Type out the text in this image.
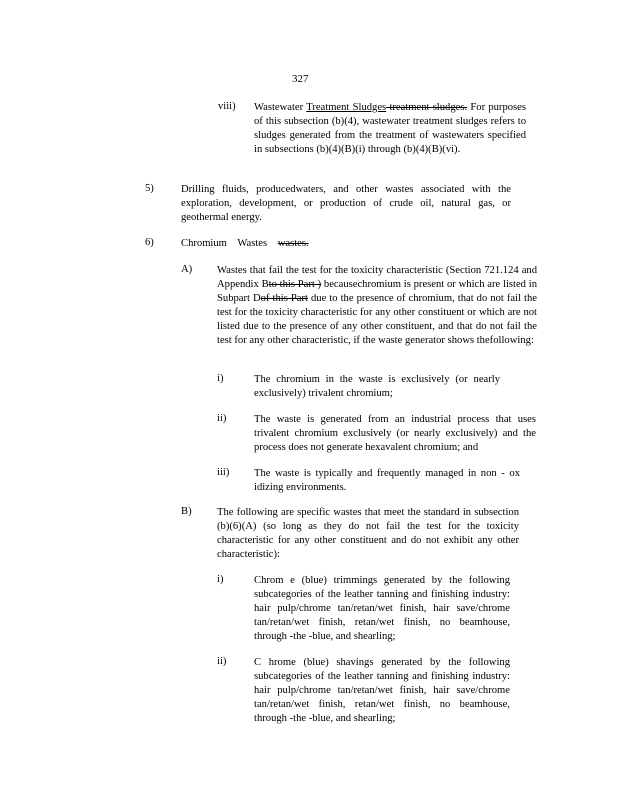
327
viii) Wastewater Treatment Sludges treatment sludges. For purposes of this subsection (b)(4), wastewater treatment sludges refers to sludges generated from the treatment of wastewaters specified in subsections (b)(4)(B)(i) through (b)(4)(B)(vi).
5)	Drilling fluids, producedwaters, and other wastes associated with the exploration, development, or production of crude oil, natural gas, or geothermal energy.
6)	Chromium Wastes wastes.
A) Wastes that fail the test for the toxicity characteristic (Section 721.124 and Appendix Bto this Part ) becausechromium is present or which are listed in Subpart Dof this Part due to the presence of chromium, that do not fail the test for the toxicity characteristic for any other constituent or which are not listed due to the presence of any other constituent, and that do not fail the test for any other characteristic, if the waste generator shows thefollowing:
i)	The chromium in the waste is exclusively (or nearly exclusively) trivalent chromium;
ii)	The waste is generated from an industrial process that uses trivalent chromium exclusively (or nearly exclusively) and the process does not generate hexavalent chromium; and
iii) The waste is typically and frequently managed in non - ox idizing environments.
B) The following are specific wastes that meet the standard in subsection (b)(6)(A) (so long as they do not fail the test for the toxicity characteristic for any other constituent and do not exhibit any other characteristic):
i)	Chrom e (blue) trimmings generated by the following subcategories of the leather tanning and finishing industry: hair pulp/chrome tan/retan/wet finish, hair save/chrome tan/retan/wet finish, retan/wet finish, no beamhouse, through -the -blue, and shearling;
ii)	C hrome (blue) shavings generated by the following subcategories of the leather tanning and finishing industry: hair pulp/chrome tan/retan/wet finish, hair save/chrome tan/retan/wet finish, retan/wet finish, no beamhouse, through -the -blue, and shearling;
